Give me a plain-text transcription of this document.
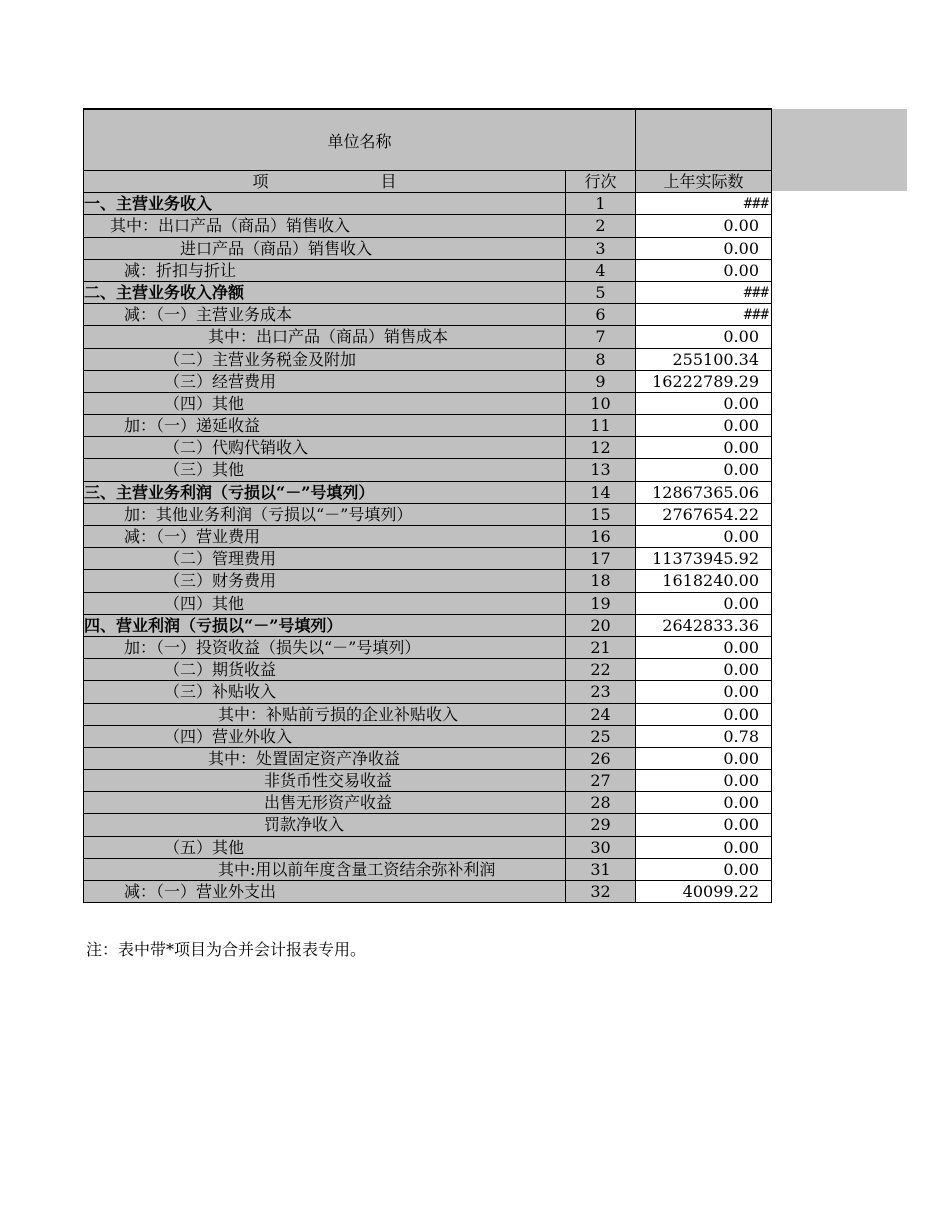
单位名称
项　　　　　　　目	行次	上年实际数
一、主营业务收入	1	###
其中：出口产品（商品）销售收入	2	0.00
进口产品（商品）销售收入	3	0.00
减：折扣与折让	4	0.00
二、主营业务收入净额	5	###
减：（一）主营业务成本	6	###
其中：出口产品（商品）销售成本	7	0.00
（二）主营业务税金及附加	8	255100.34
（三）经营费用	9	16222789.29
（四）其他	10	0.00
加：（一）递延收益	11	0.00
（二）代购代销收入	12	0.00
（三）其他	13	0.00
三、主营业务利润（亏损以“－”号填列）	14	12867365.06
加：其他业务利润（亏损以“－”号填列）	15	2767654.22
减：（一）营业费用	16	0.00
（二）管理费用	17	11373945.92
（三）财务费用	18	1618240.00
（四）其他	19	0.00
四、营业利润（亏损以“－”号填列）	20	2642833.36
加：（一）投资收益（损失以“－”号填列）	21	0.00
（二）期货收益	22	0.00
（三）补贴收入	23	0.00
其中：补贴前亏损的企业补贴收入	24	0.00
（四）营业外收入	25	0.78
其中：处置固定资产净收益	26	0.00
非货币性交易收益	27	0.00
出售无形资产收益	28	0.00
罚款净收入	29	0.00
（五）其他	30	0.00
其中:用以前年度含量工资结余弥补利润	31	0.00
减：（一）营业外支出	32	40099.22
注：表中带*项目为合并会计报表专用。
